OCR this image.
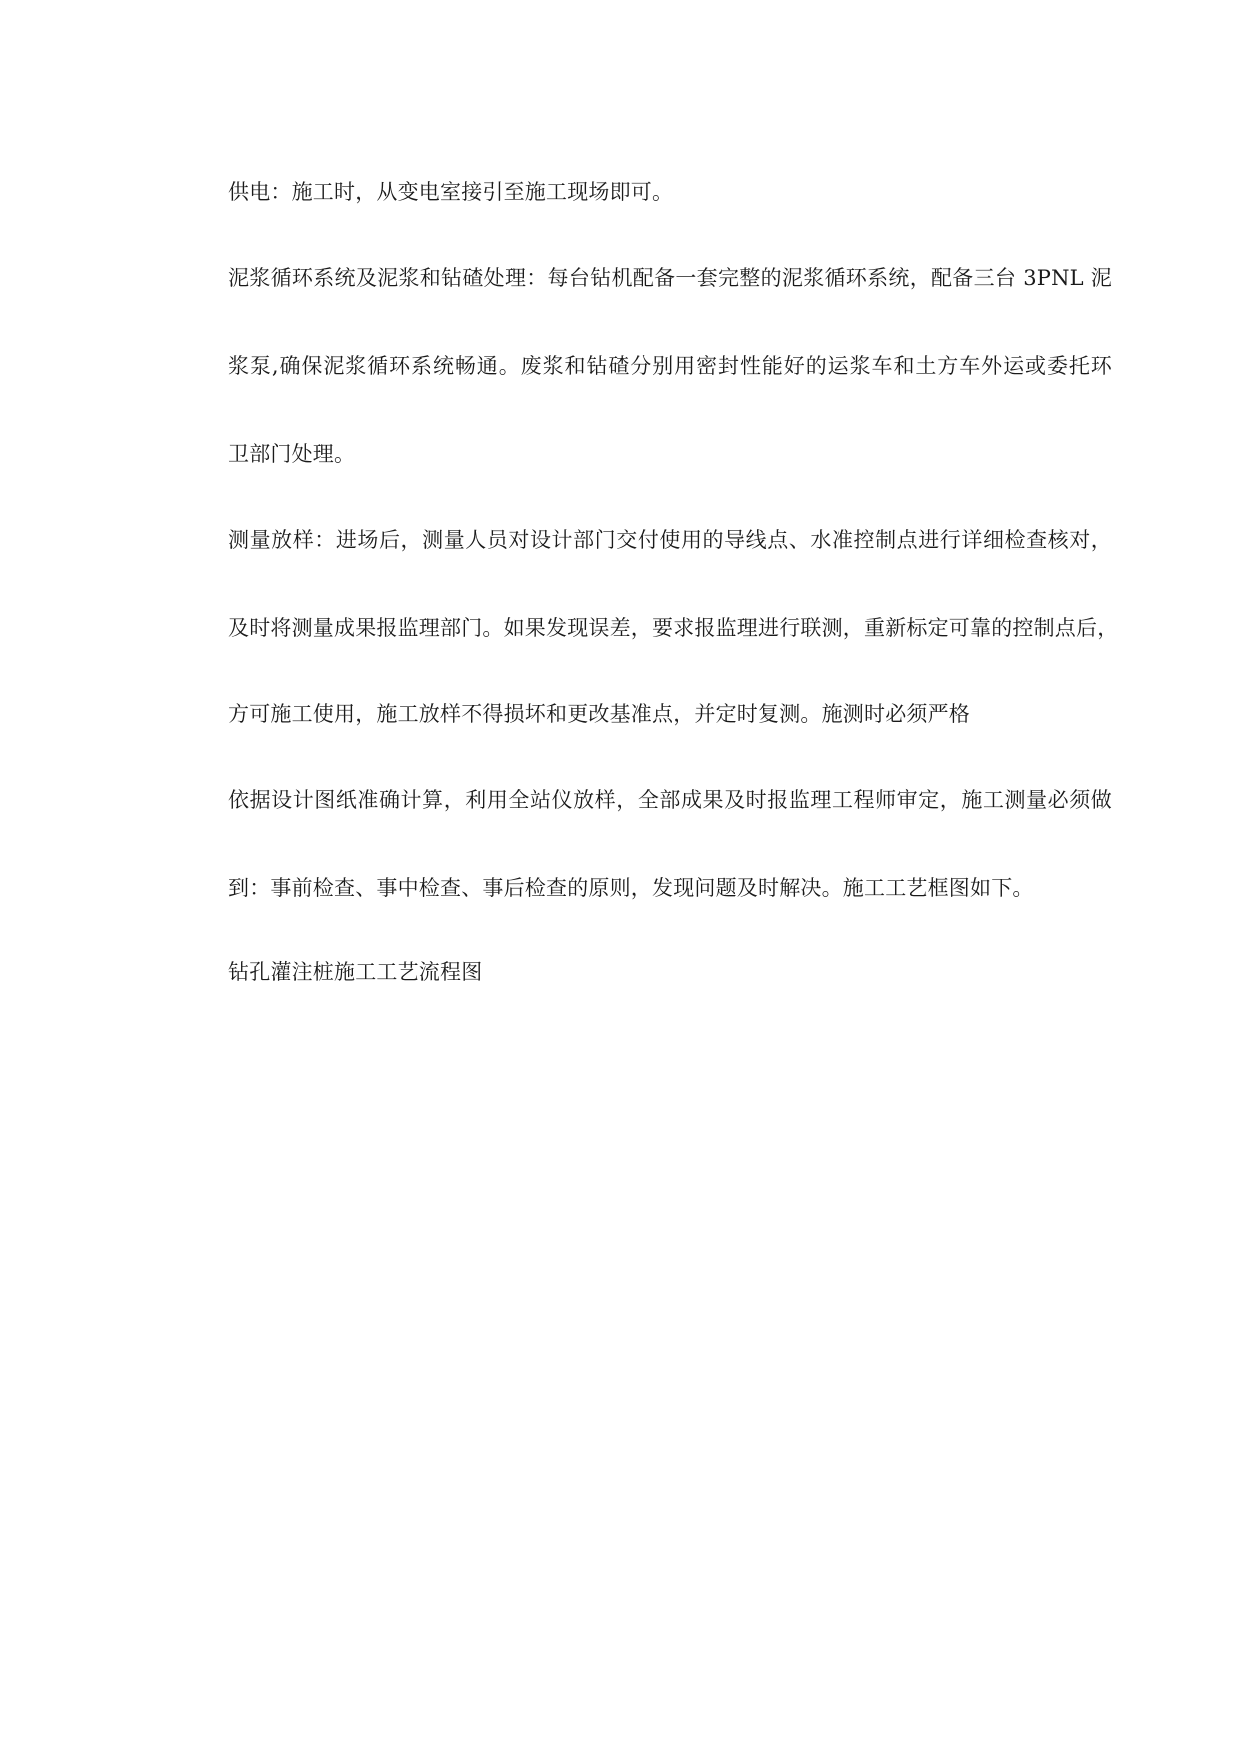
供电：施工时，从变电室接引至施工现场即可。
泥浆循环系统及泥浆和钻碴处理：每台钻机配备一套完整的泥浆循环系统，配备三台 3PNL 泥
浆泵,确保泥浆循环系统畅通。废浆和钻碴分别用密封性能好的运浆车和土方车外运或委托环
卫部门处理。
测量放样：进场后，测量人员对设计部门交付使用的导线点、水准控制点进行详细检查核对，
及时将测量成果报监理部门。如果发现误差，要求报监理进行联测，重新标定可靠的控制点后，
方可施工使用，施工放样不得损坏和更改基准点，并定时复测。施测时必须严格
依据设计图纸准确计算，利用全站仪放样，全部成果及时报监理工程师审定，施工测量必须做
到：事前检查、事中检查、事后检查的原则，发现问题及时解决。施工工艺框图如下。
钻孔灌注桩施工工艺流程图
